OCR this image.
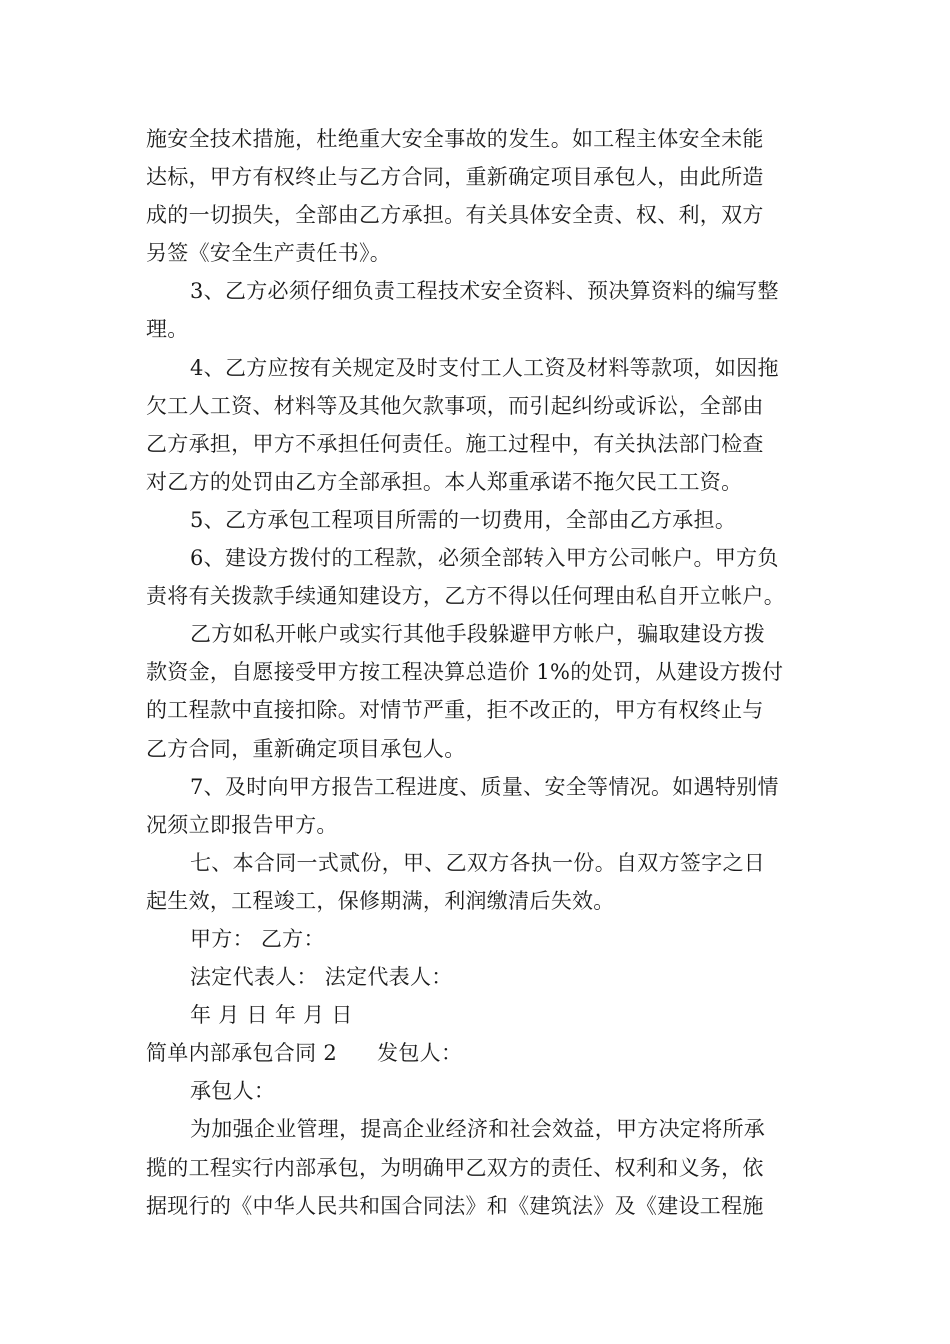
施安全技术措施，杜绝重大安全事故的发生。如工程主体安全未能
达标，甲方有权终止与乙方合同，重新确定项目承包人，由此所造
成的一切损失，全部由乙方承担。有关具体安全责、权、利，双方
另签《安全生产责任书》。
3、乙方必须仔细负责工程技术安全资料、预决算资料的编写整
理。
4、乙方应按有关规定及时支付工人工资及材料等款项，如因拖
欠工人工资、材料等及其他欠款事项，而引起纠纷或诉讼，全部由
乙方承担，甲方不承担任何责任。施工过程中，有关执法部门检查
对乙方的处罚由乙方全部承担。本人郑重承诺不拖欠民工工资。
5、乙方承包工程项目所需的一切费用，全部由乙方承担。
6、建设方拨付的工程款，必须全部转入甲方公司帐户。甲方负
责将有关拨款手续通知建设方，乙方不得以任何理由私自开立帐户。
乙方如私开帐户或实行其他手段躲避甲方帐户，骗取建设方拨
款资金，自愿接受甲方按工程决算总造价 1%的处罚，从建设方拨付
的工程款中直接扣除。对情节严重，拒不改正的，甲方有权终止与
乙方合同，重新确定项目承包人。
7、及时向甲方报告工程进度、质量、安全等情况。如遇特别情
况须立即报告甲方。
七、本合同一式贰份，甲、乙双方各执一份。自双方签字之日
起生效，工程竣工，保修期满，利润缴清后失效。
甲方： 乙方：
法定代表人： 法定代表人：
年 月 日 年 月 日
简单内部承包合同 2 发包人：
承包人：
为加强企业管理，提高企业经济和社会效益，甲方决定将所承
揽的工程实行内部承包，为明确甲乙双方的责任、权利和义务，依
据现行的《中华人民共和国合同法》和《建筑法》及《建设工程施
